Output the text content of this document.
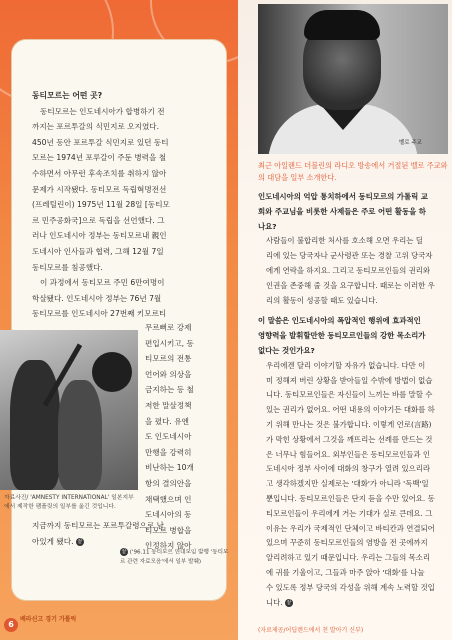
동티모르는 어떤 곳?

동티모르는 인도네시아가 합병하기 전
까지는 포르투갈의 식민지로 오지였다.
450년 동안 포르투갈 식민지로 있던 동티
모르는 1974년 포루갈이 주둔 병력을 철
수하면서 아무런 후속조치를 취하지 않아
문제가 시작됐다. 동티모르 독립혁명전선
(프레틸린이) 1975년 11월 28일 [동티모
르 민주공화국]으로 독립을 선언했다. 그
러나 인도네시아 정부는 동티모르내 親인
도네시아 인사들과 협력, 그해 12월 7일
동티모르를 침공했다.
이 과정에서 동티모르 주민 6만여명이
학살됐다. 인도네시아 정부는 76년 7월
동티모르를 인도네시아 27번째 키모르티
무르뻐로 강제
편입시키고, 동
티모르의 전통
언어와 의상을
금지하는 등 철
저한 말살정책
을 폈다. 유엔
도 인도네시아
만행을 강력히
비난하는 10개
항의 결의안을
채택했으며 인
도네시아의 동
티모르 병합을
인정하지 않아
지금까지 동티모르는 포르투갈령으로 남
아있게 됐다. 끝
자료사진/ 'AMNESTY INTERNATIONAL' 일본지부에서 제작한 팸플릿의 일부를 옮긴 것입니다.
끝 ('96.11 동티모르 연대모임 발행 '동티모르 관련 자료모음'에서 일부 발췌)
벨로 주교
최근 아일랜드 더블린의 라디오 방송에서 거절된 벨로 주교와의 대담을 일부 소개한다.
인도네시아의 억압 통치하에서 동티모르의 가톨릭 교
회와 주교님을 비롯한 사제들은 주로 어떤 활동을 하
나요?
사람들이 불합리한 처사를 호소해 오면 우리는 딜
리에 있는 당국자나 군사령관 또는 경찰 고위 당국자
에게 연락을 하지요. 그리고 동티모르인들의 권리와
인권을 존중해 줄 것을 요구합니다. 때로는 이러한 우
리의 활동이 성공할 때도 있습니다.
이 말씀은 인도네시아의 폭압적인 행위에 효과적인
영향력을 발휘할만한 동티모르인들의 강한 목소리가
없다는 것인가요?
우리에겐 달리 이야기할 자유가 없습니다. 다만 이
미 정해져 버린 상황을 받아들일 수밖에 방법이 없습
니다. 동티모르인들은 자신들이 느끼는 바를 말할 수
있는 권리가 없어요. 어떤 내용의 이야기든 대화를 하
기 위해 만나는 것은 불가합니다. 이렇게 언로(言路)
가 막힌 상황에서 그것을 깨뜨리는 선례를 만드는 것
은 너무나 힘들어요. 외부인들은 동티모르인들과 인
도네시아 정부 사이에 대화의 창구가 열려 있으리라
고 생각하겠지만 실제로는 '대화'가 아니라 '독백'일
뿐입니다. 동티모르인들은 단지 듣을 수만 있어요. 동
티모르인들이 우리에게 거는 기대가 실로 큰데요. 그
이유는 우리가 국제적인 단체이고 바티칸과 연결되어
있으며 꾸준히 동티모르인들의 염방을 전 곳에까지
알리려하고 있기 때문입니다. 우리는 그들의 목소리
에 귀를 기울이고, 그들과 마주 앉아 '대화'를 나눌
수 있도록 정부 당국의 각성을 위해 계속 노력할 것입
니다. 끝
(자료제공/어딥렌드에서 천 발아기 신부)
6
베라신고 경기 가톨릭
